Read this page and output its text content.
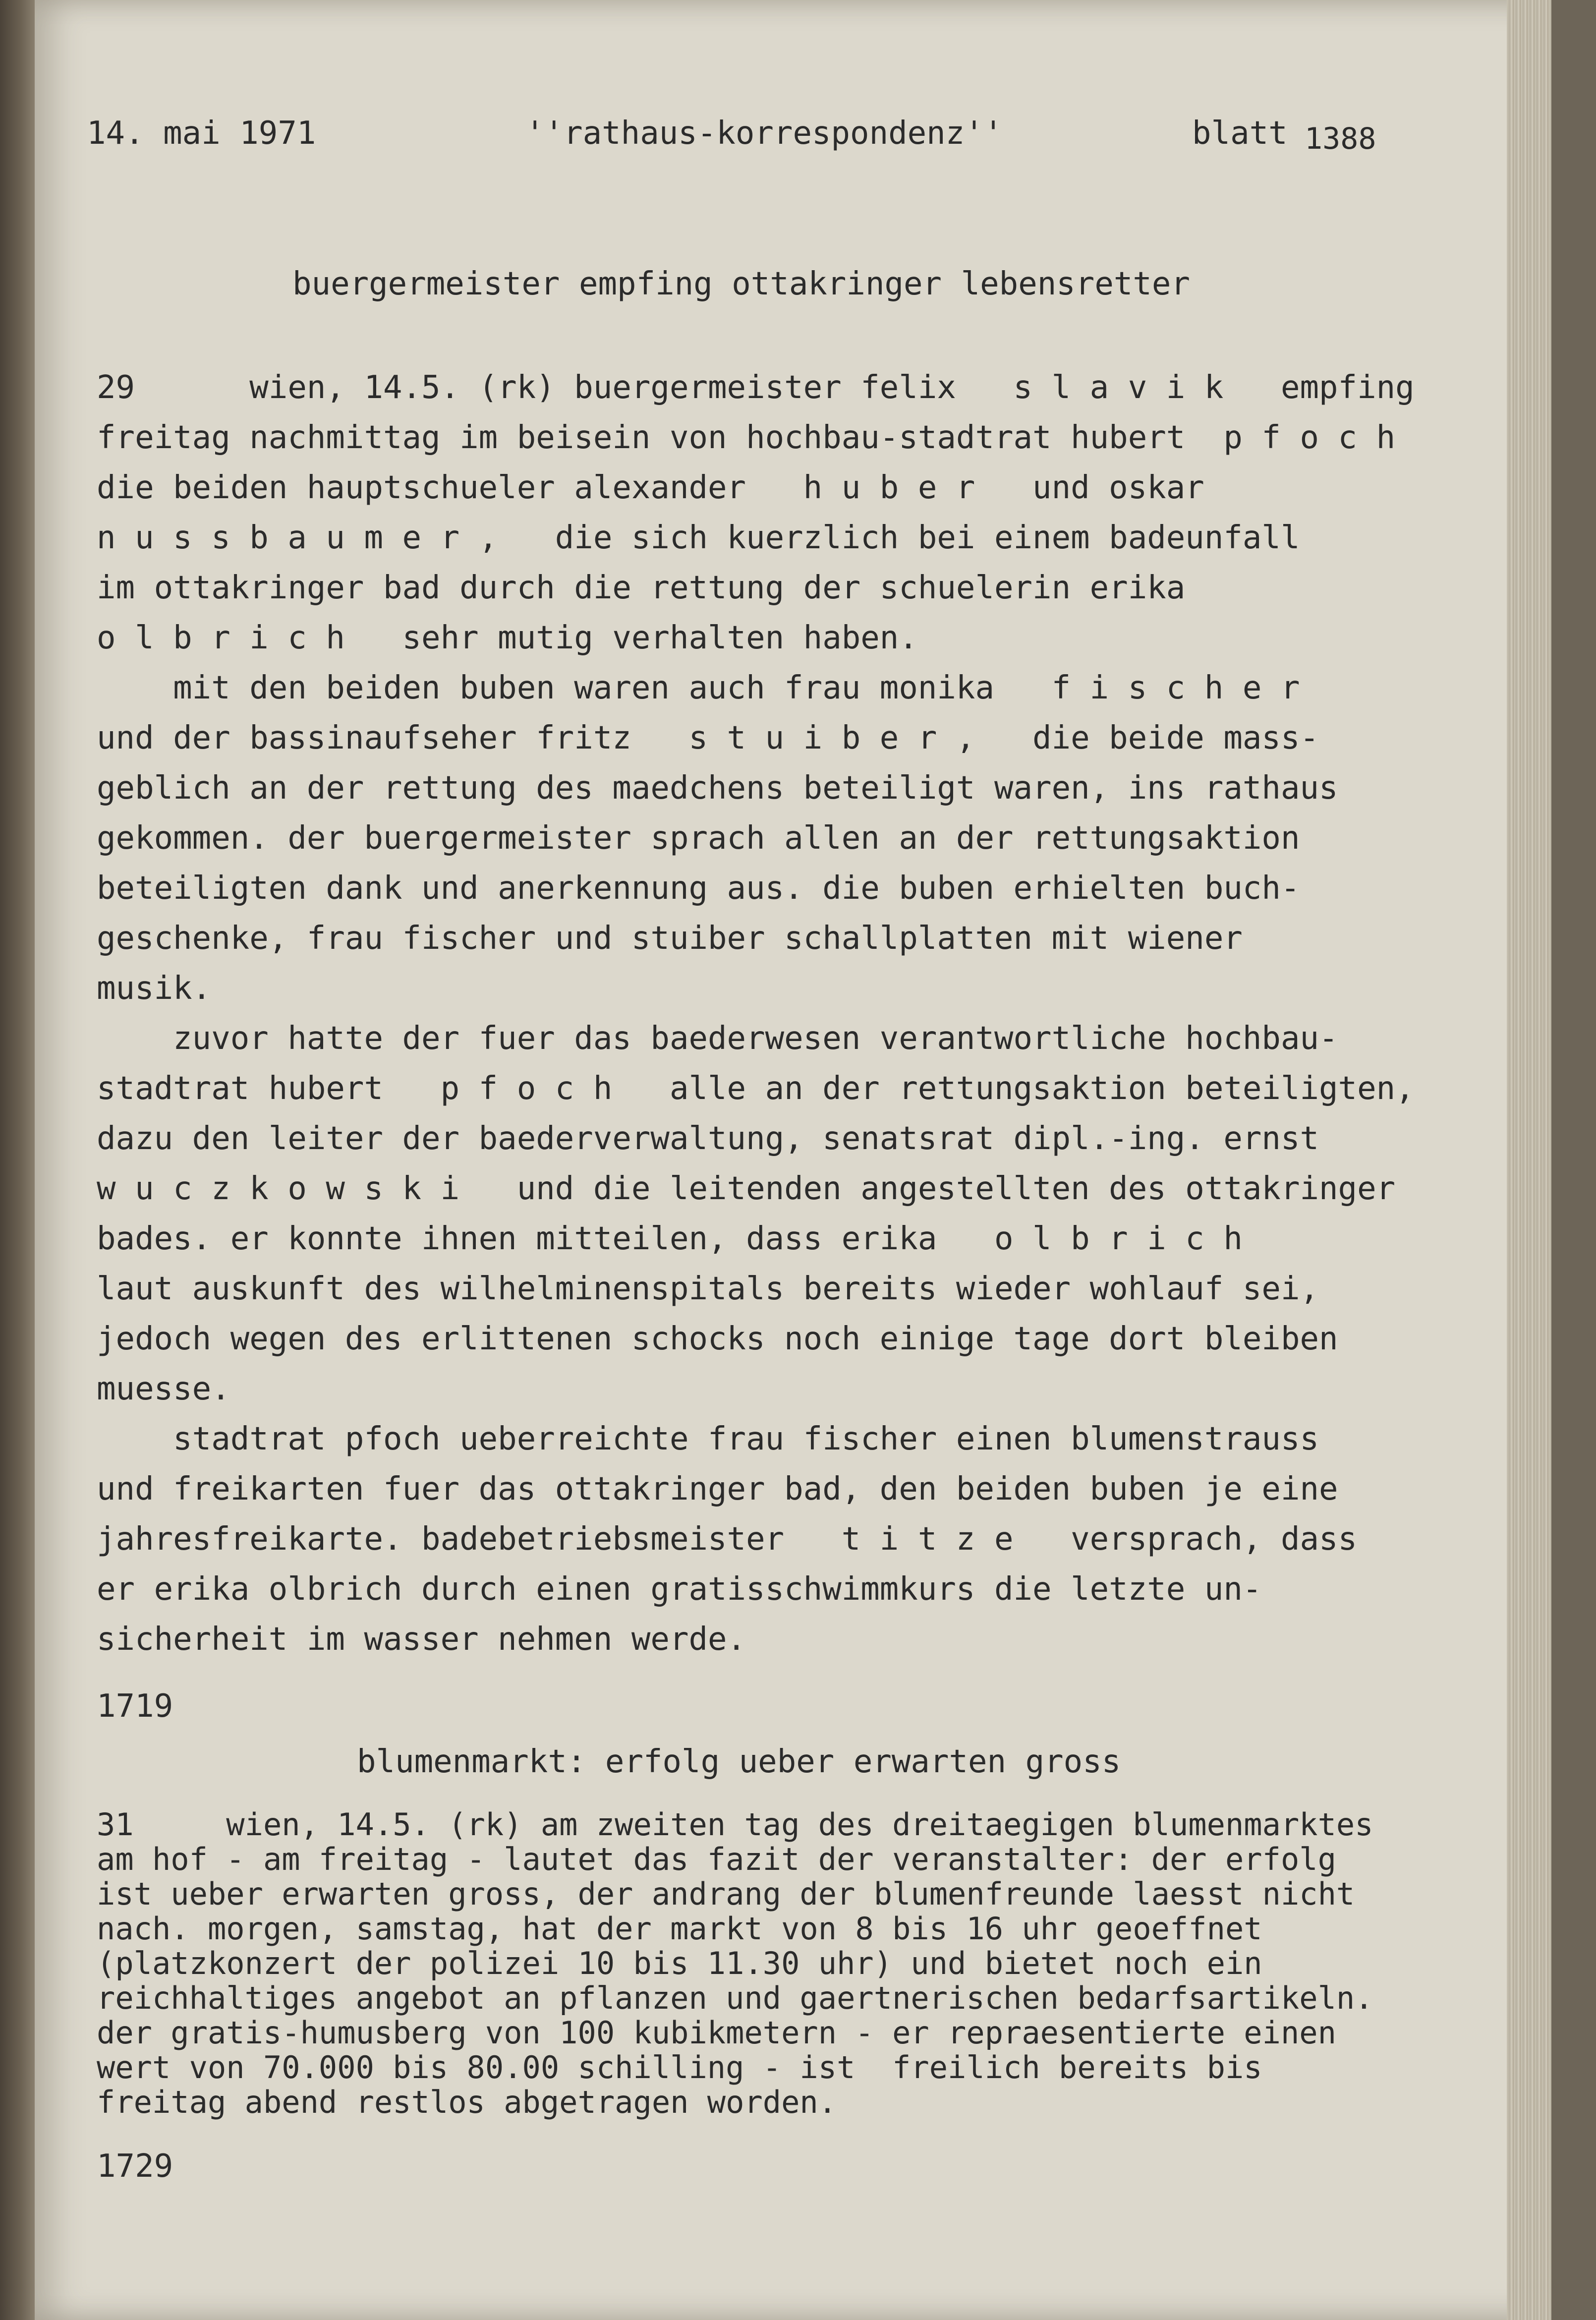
14. mai 1971	''rathaus-korrespondenz''	blatt 1388

buergermeister empfing ottakringer lebensretter

29      wien, 14.5. (rk) buergermeister felix   s l a v i k   empfing
freitag nachmittag im beisein von hochbau-stadtrat hubert  p f o c h
die beiden hauptschueler alexander   h u b e r   und oskar
n u s s b a u m e r ,   die sich kuerzlich bei einem badeunfall
im ottakringer bad durch die rettung der schuelerin erika
o l b r i c h   sehr mutig verhalten haben.
mit den beiden buben waren auch frau monika   f i s c h e r
und der bassinaufseher fritz   s t u i b e r ,   die beide mass-
geblich an der rettung des maedchens beteiligt waren, ins rathaus
gekommen. der buergermeister sprach allen an der rettungsaktion
beteiligten dank und anerkennung aus. die buben erhielten buch-
geschenke, frau fischer und stuiber schallplatten mit wiener
musik.
zuvor hatte der fuer das baederwesen verantwortliche hochbau-
stadtrat hubert   p f o c h   alle an der rettungsaktion beteiligten,
dazu den leiter der baederverwaltung, senatsrat dipl.-ing. ernst
w u c z k o w s k i   und die leitenden angestellten des ottakringer
bades. er konnte ihnen mitteilen, dass erika   o l b r i c h
laut auskunft des wilhelminenspitals bereits wieder wohlauf sei,
jedoch wegen des erlittenen schocks noch einige tage dort bleiben
muesse.
stadtrat pfoch ueberreichte frau fischer einen blumenstrauss
und freikarten fuer das ottakringer bad, den beiden buben je eine
jahresfreikarte. badebetriebsmeister   t i t z e   versprach, dass
er erika olbrich durch einen gratisschwimmkurs die letzte un-
sicherheit im wasser nehmen werde.

1719

blumenmarkt: erfolg ueber erwarten gross

31     wien, 14.5. (rk) am zweiten tag des dreitaegigen blumenmarktes
am hof - am freitag - lautet das fazit der veranstalter: der erfolg
ist ueber erwarten gross, der andrang der blumenfreunde laesst nicht
nach. morgen, samstag, hat der markt von 8 bis 16 uhr geoeffnet
(platzkonzert der polizei 10 bis 11.30 uhr) und bietet noch ein
reichhaltiges angebot an pflanzen und gaertnerischen bedarfsartikeln.
der gratis-humusberg von 100 kubikmetern - er repraesentierte einen
wert von 70.000 bis 80.00 schilling - ist  freilich bereits bis
freitag abend restlos abgetragen worden.

1729
